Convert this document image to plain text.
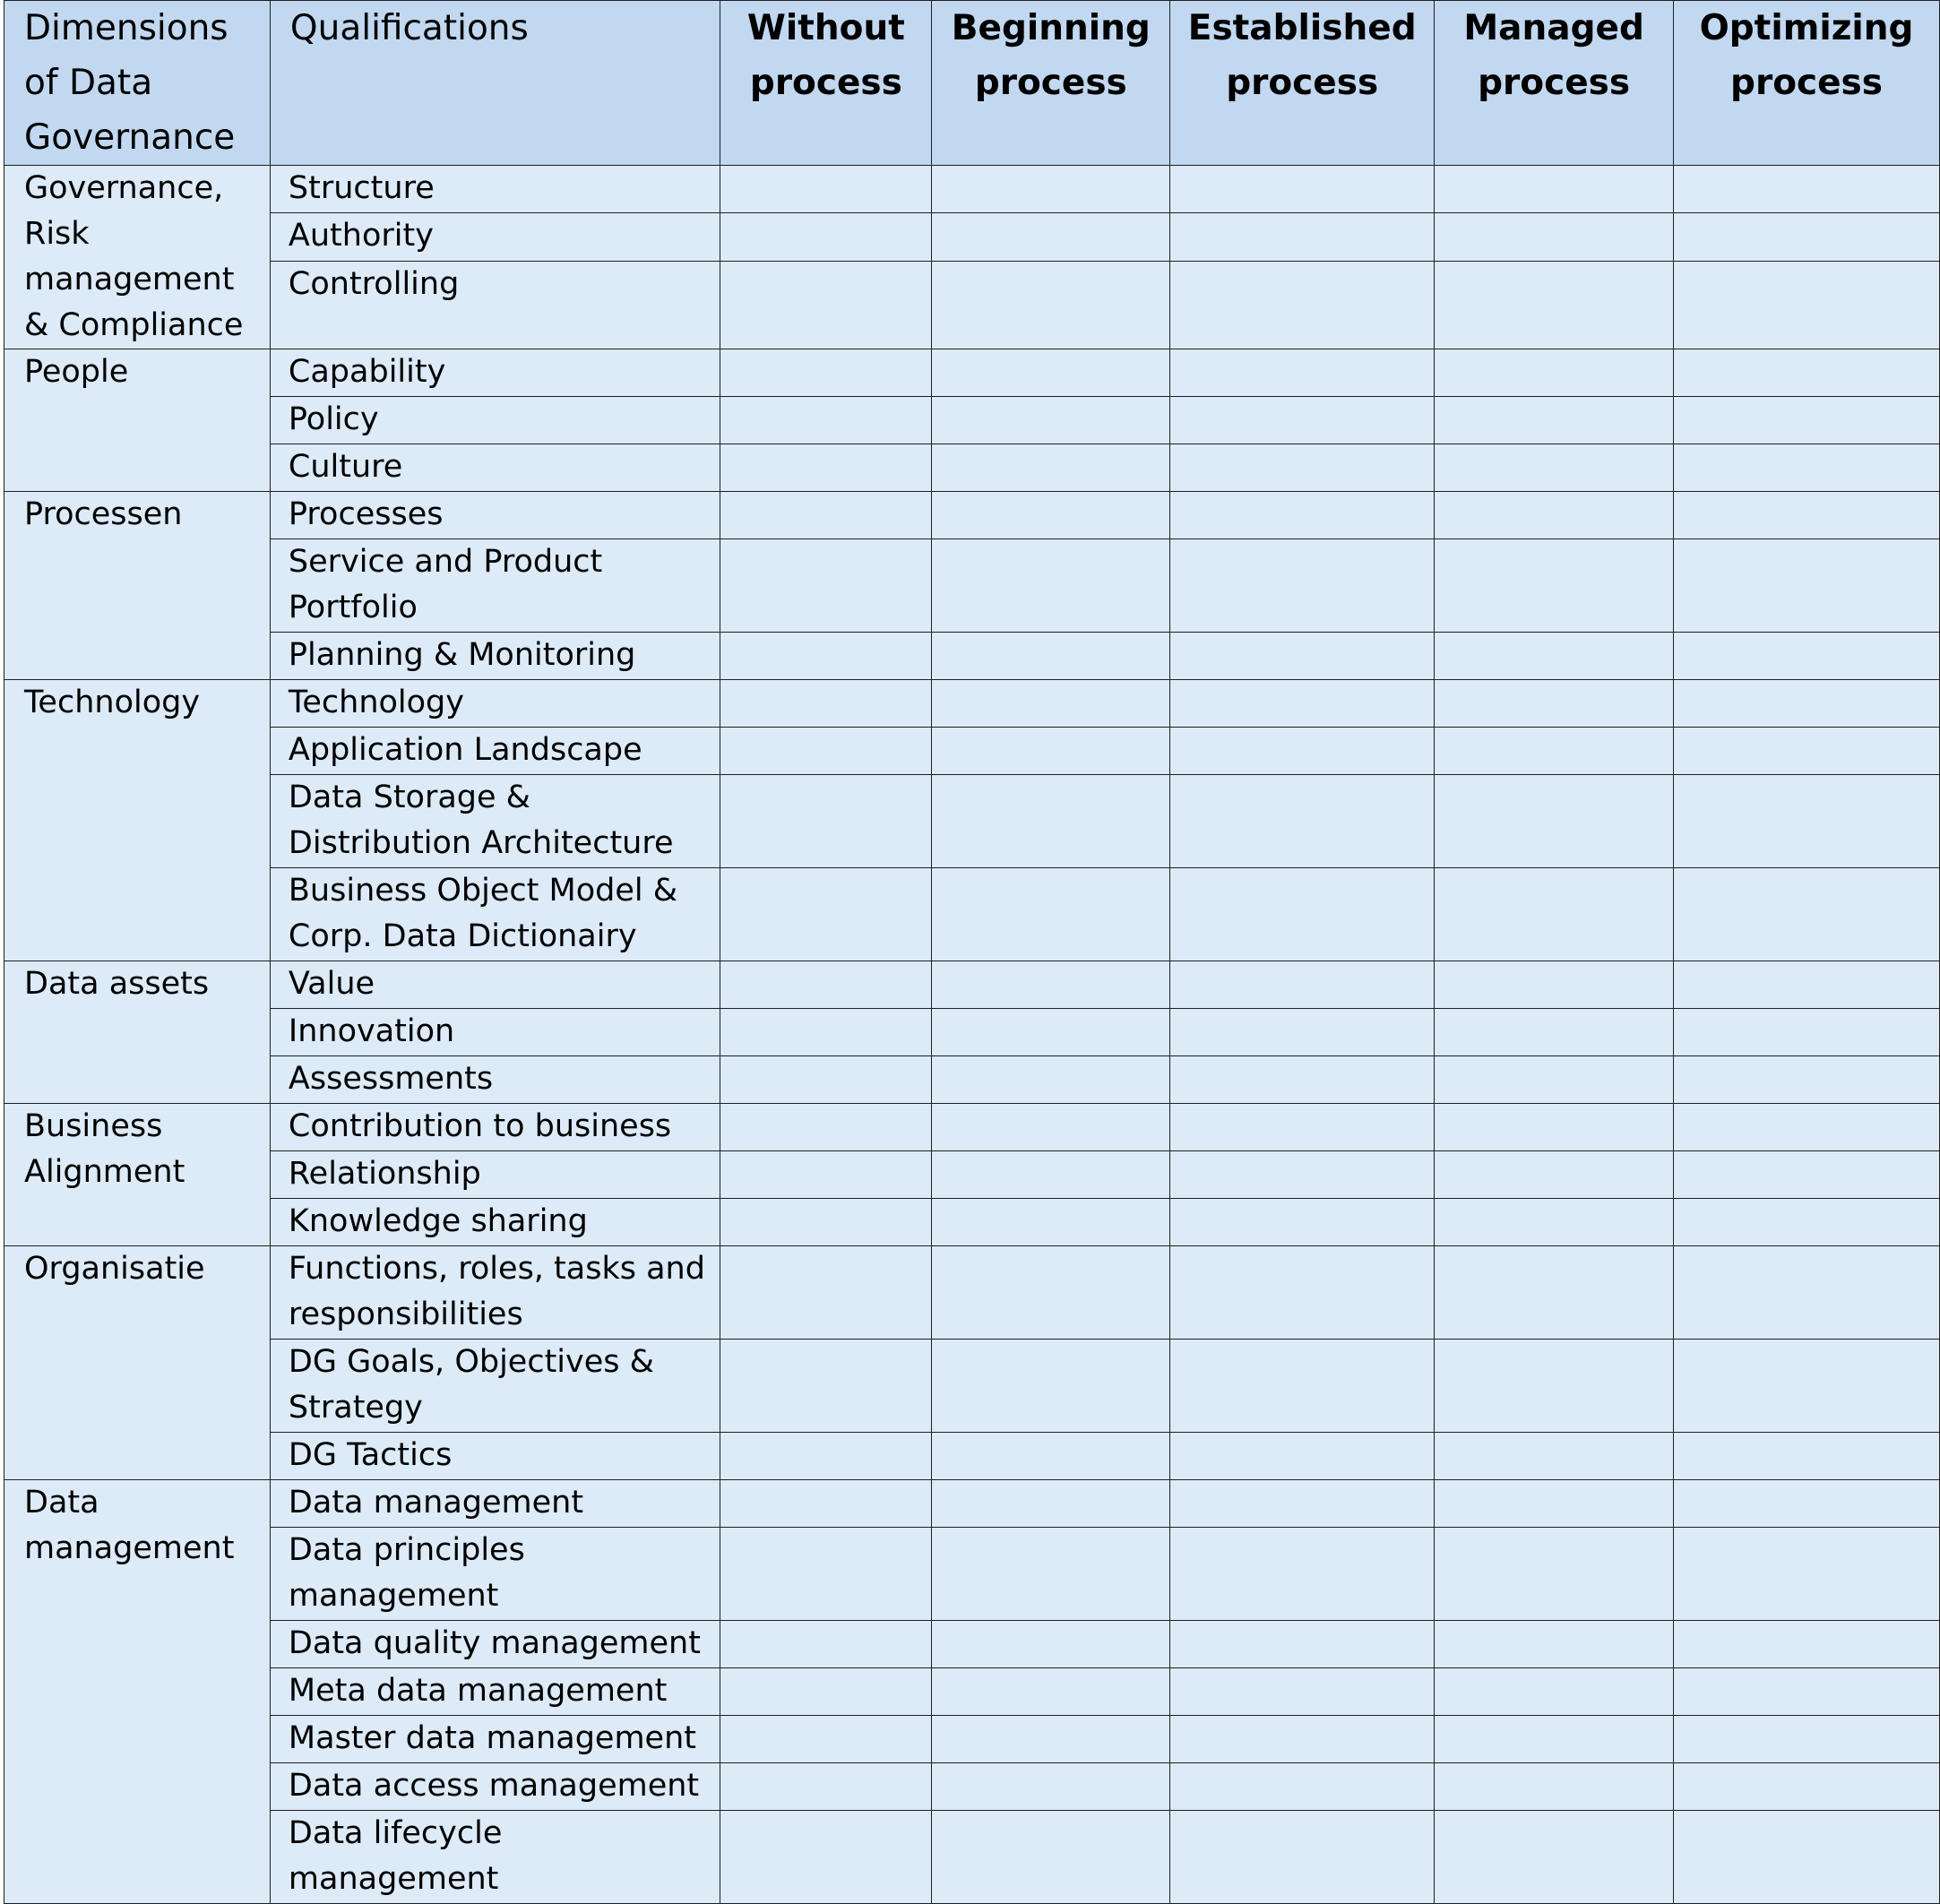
Dimensions of Data Governance	Qualifications	Without process	Beginning process	Established process	Managed process	Optimizing process
Governance, Risk management & Compliance	Structure					
	Authority					
	Controlling					
People	Capability					
	Policy					
	Culture					
Processen	Processes					
	Service and Product Portfolio					
	Planning & Monitoring					
Technology	Technology					
	Application Landscape					
	Data Storage & Distribution Architecture					
	Business Object Model & Corp. Data Dictionairy					
Data assets	Value					
	Innovation					
	Assessments					
Business Alignment	Contribution to business					
	Relationship					
	Knowledge sharing					
Organisatie	Functions, roles, tasks and responsibilities					
	DG Goals, Objectives & Strategy					
	DG Tactics					
Data management	Data management					
	Data principles management					
	Data quality management					
	Meta data management					
	Master data management					
	Data access management					
	Data lifecycle management					
